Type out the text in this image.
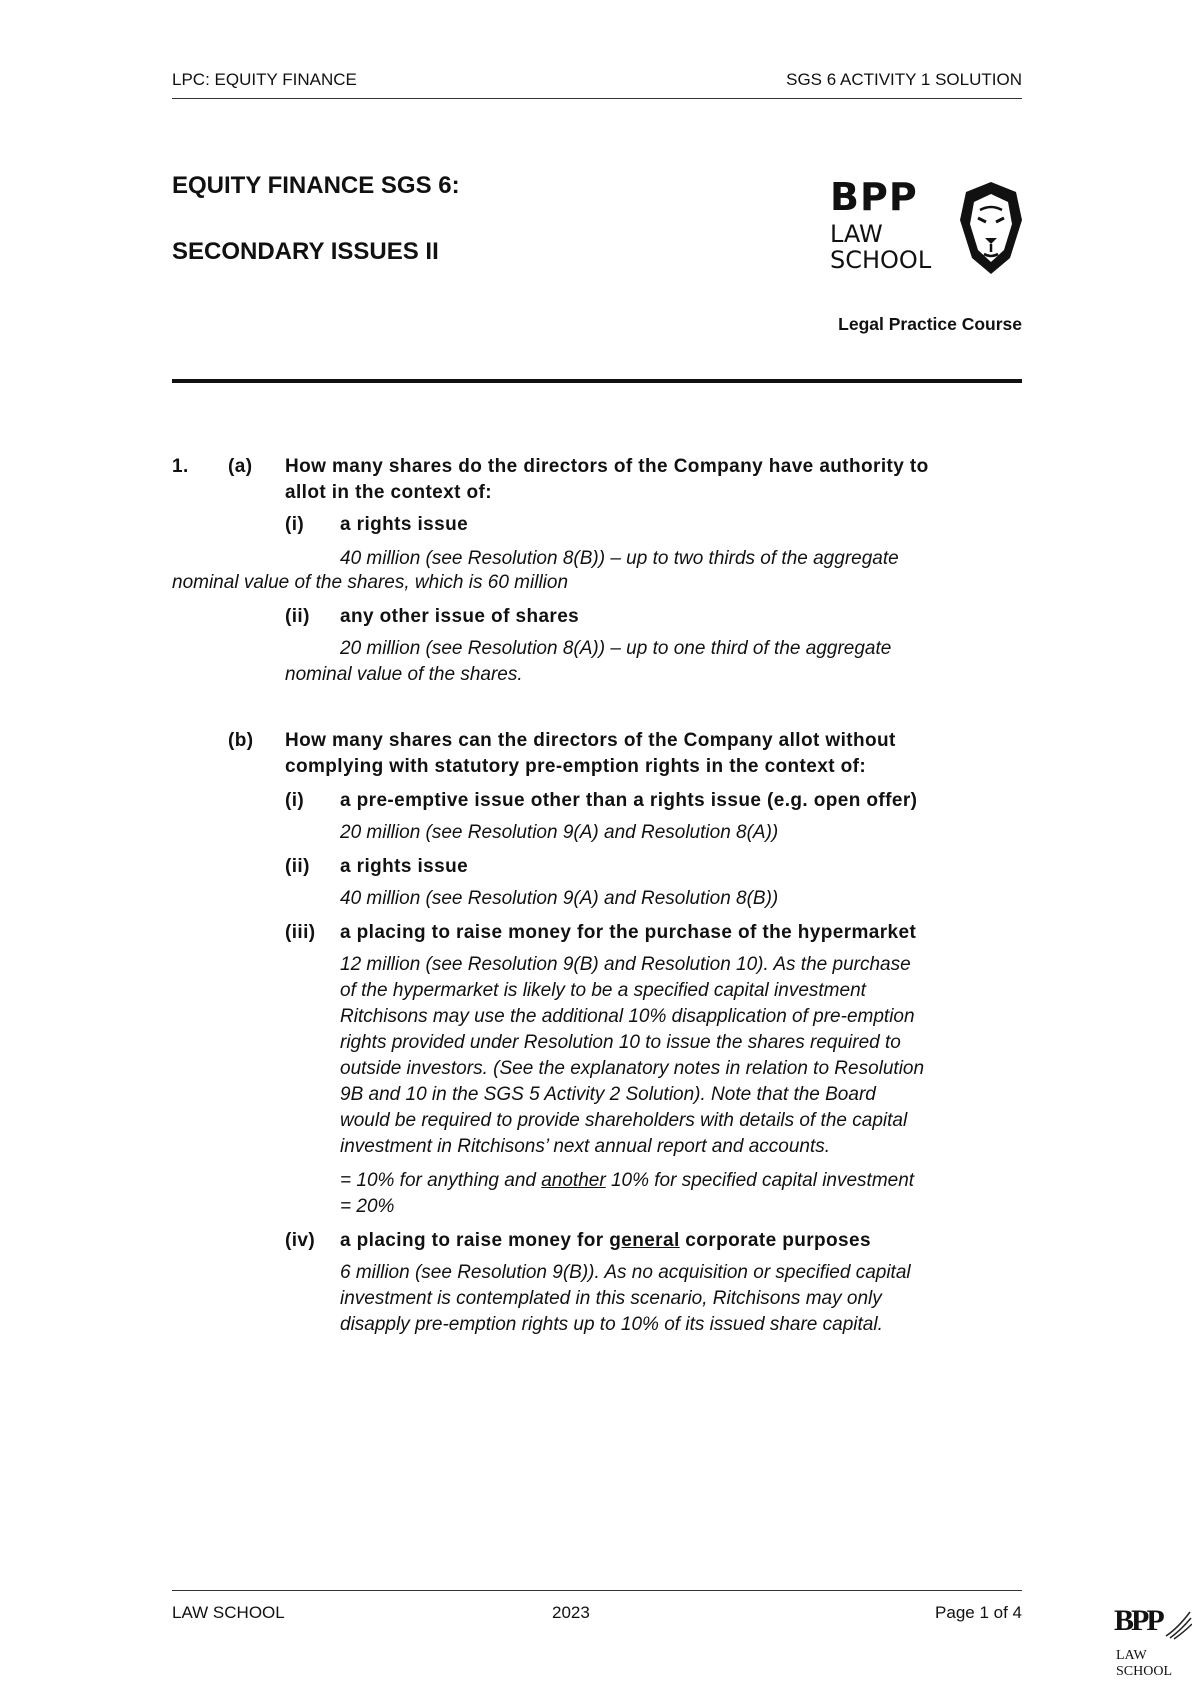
LPC: EQUITY FINANCE	SGS 6 ACTIVITY 1 SOLUTION
EQUITY FINANCE SGS 6:
SECONDARY ISSUES II
BPP
LAW
SCHOOL
Legal Practice Course
1. (a) How many shares do the directors of the Company have authority to
allot in the context of:
(i) a rights issue
40 million (see Resolution 8(B)) – up to two thirds of the aggregate
nominal value of the shares, which is 60 million
(ii) any other issue of shares
20 million (see Resolution 8(A)) – up to one third of the aggregate
nominal value of the shares.
(b) How many shares can the directors of the Company allot without
complying with statutory pre-emption rights in the context of:
(i) a pre-emptive issue other than a rights issue (e.g. open offer)
20 million (see Resolution 9(A) and Resolution 8(A))
(ii) a rights issue
40 million (see Resolution 9(A) and Resolution 8(B))
(iii) a placing to raise money for the purchase of the hypermarket
12 million (see Resolution 9(B) and Resolution 10). As the purchase
of the hypermarket is likely to be a specified capital investment
Ritchisons may use the additional 10% disapplication of pre-emption
rights provided under Resolution 10 to issue the shares required to
outside investors. (See the explanatory notes in relation to Resolution
9B and 10 in the SGS 5 Activity 2 Solution). Note that the Board
would be required to provide shareholders with details of the capital
investment in Ritchisons’ next annual report and accounts.
= 10% for anything and another 10% for specified capital investment
= 20%
(iv) a placing to raise money for general corporate purposes
6 million (see Resolution 9(B)). As no acquisition or specified capital
investment is contemplated in this scenario, Ritchisons may only
disapply pre-emption rights up to 10% of its issued share capital.
LAW SCHOOL	2023	Page 1 of 4	BPP
LAW SCHOOL
